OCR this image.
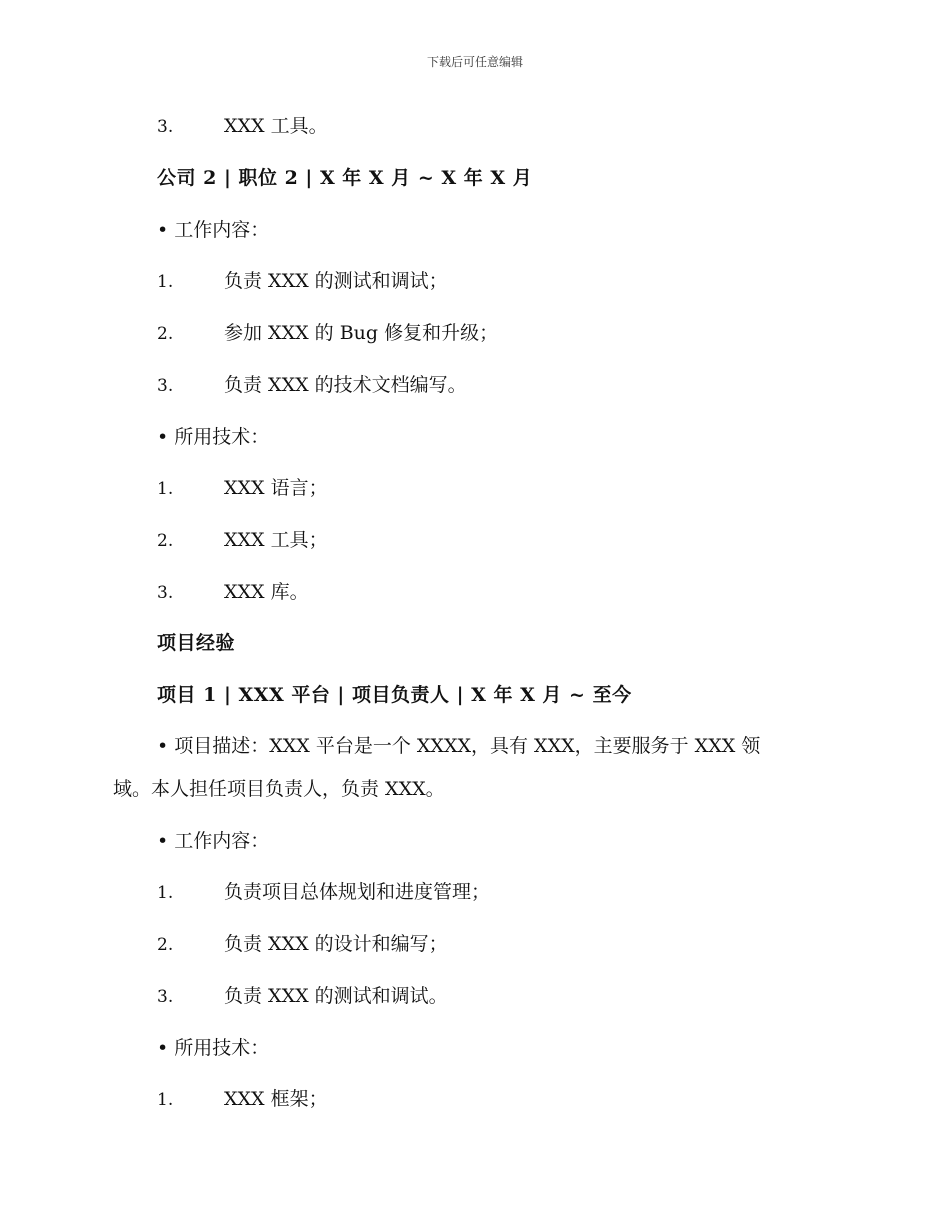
下载后可任意编辑
3.	XXX 工具。
公司 2 | 职位 2 | X 年 X 月 ~ X 年 X 月
• 工作内容：
1.	负责 XXX 的测试和调试；
2.	参加 XXX 的 Bug 修复和升级；
3.	负责 XXX 的技术文档编写。
• 所用技术：
1.	XXX 语言；
2.	XXX 工具；
3.	XXX 库。
项目经验
项目 1 | XXX 平台 | 项目负责人 | X 年 X 月 ~ 至今
• 项目描述：XXX 平台是一个 XXXX，具有 XXX，主要服务于 XXX 领
域。本人担任项目负责人，负责 XXX。
• 工作内容：
1.	负责项目总体规划和进度管理；
2.	负责 XXX 的设计和编写；
3.	负责 XXX 的测试和调试。
• 所用技术：
1.	XXX 框架；
